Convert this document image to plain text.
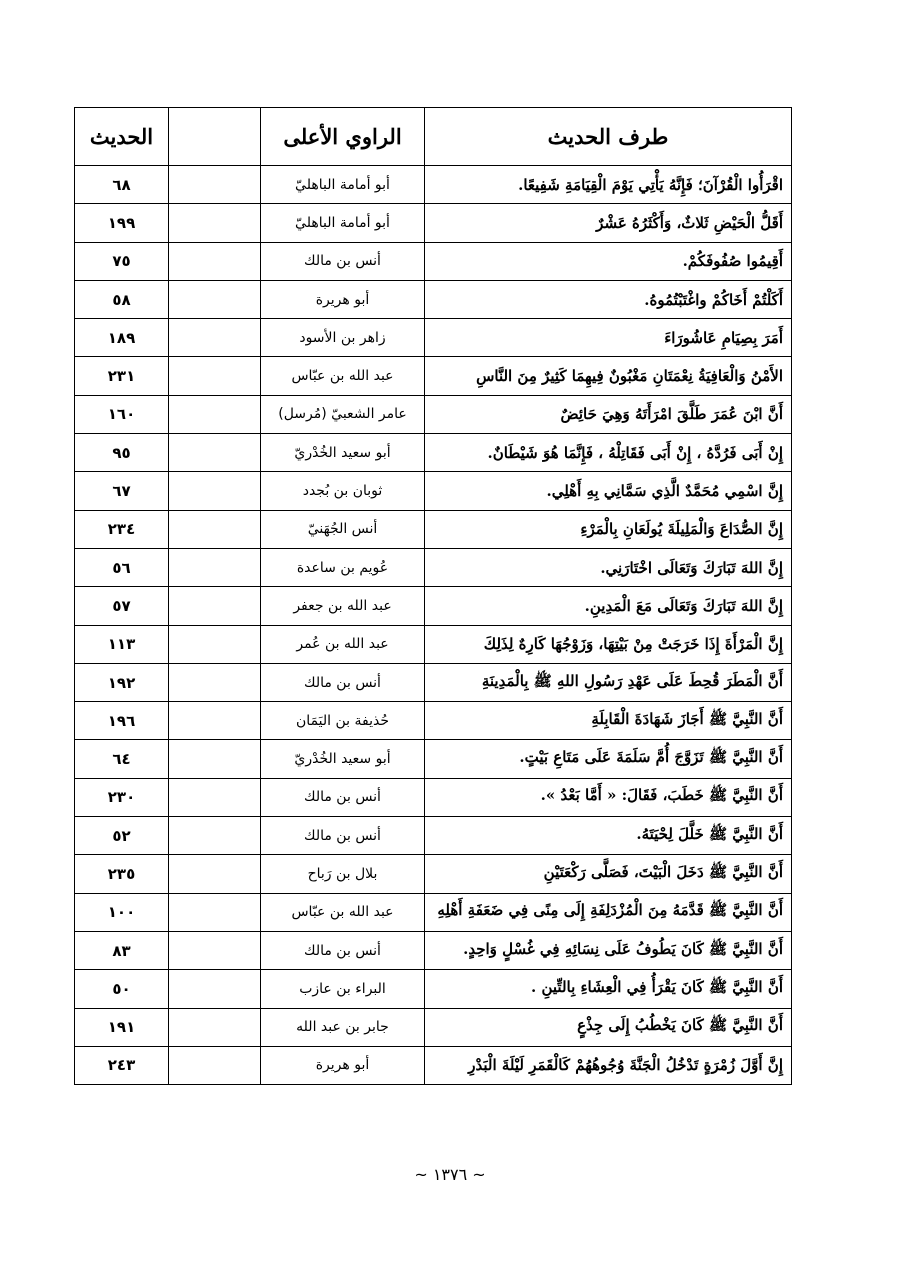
طرف الحديث	الراوي الأعلى		الحديث
اقْرَأُوا الْقُرْآنَ؛ فَإِنَّهُ يَأْتِي يَوْمَ الْقِيَامَةِ شَفِيعًا.	أبو أمامة الباهليّ		٦٨
أَقَلُّ الْحَيْضِ ثَلاثٌ، وَأَكْثَرُهُ عَشْرٌ	أبو أمامة الباهليّ		١٩٩
أَقِيمُوا صُفُوفَكُمْ.	أنس بن مالك		٧٥
أَكَلْتُمْ أَخَاكُمْ واغْتَبْتُمُوهُ.	أبو هريرة		٥٨
أَمَرَ بِصِيَامِ عَاشُورَاءَ	زاهر بن الأسود		١٨٩
الأَمْنُ وَالْعَافِيَةُ نِعْمَتَانِ مَغْبُونٌ فِيهِمَا كَثِيرٌ مِنَ النَّاسِ	عبد الله بن عبّاس		٢٣١
أَنَّ ابْنَ عُمَرَ طَلَّقَ امْرَأَتَهُ وَهِيَ حَائِضٌ	عامر الشعبيّ (مُرسل)		١٦٠
إِنْ أَبَى فَرُدَّهُ ، إِنْ أَبَى فَقَاتِلْهُ ، فَإِنَّمَا هُوَ شَيْطَانٌ.	أبو سعيد الخُدْريّ		٩٥
إِنَّ اسْمِي مُحَمَّدٌ الَّذِي سَمَّانِي بِهِ أَهْلِي.	ثوبان بن بُجدد		٦٧
إِنَّ الصُّدَاعَ وَالْمَلِيلَةَ يُولَعَانِ بِالْمَرْءِ	أنس الجُهَنيّ		٢٣٤
إِنَّ اللهَ تَبَارَكَ وَتَعَالَى اخْتَارَنِي.	عُويم بن ساعدة		٥٦
إِنَّ اللهَ تَبَارَكَ وَتَعَالَى مَعَ الْمَدِينِ.	عبد الله بن جعفر		٥٧
إِنَّ الْمَرْأَةَ إِذَا خَرَجَتْ مِنْ بَيْتِهَا، وَزَوْجُهَا كَارِهٌ لِذَلِكَ	عبد الله بن عُمر		١١٣
أَنَّ الْمَطَرَ قُحِطَ عَلَى عَهْدِ رَسُولِ اللهِ ﷺ بِالْمَدِينَةِ	أنس بن مالك		١٩٢
أَنَّ النَّبِيَّ ﷺ أَجَازَ شَهَادَةَ الْقَابِلَةِ	حُذيفة بن اليَمَان		١٩٦
أَنَّ النَّبِيَّ ﷺ تَزَوَّجَ أُمَّ سَلَمَةَ عَلَى مَتَاعِ بَيْتٍ.	أبو سعيد الخُدْريّ		٦٤
أَنَّ النَّبِيَّ ﷺ خَطَبَ، فَقَالَ: « أَمَّا بَعْدُ ».	أنس بن مالك		٢٣٠
أَنَّ النَّبِيَّ ﷺ خَلَّلَ لِحْيَتَهُ.	أنس بن مالك		٥٢
أَنَّ النَّبِيَّ ﷺ دَخَلَ الْبَيْتَ، فَصَلَّى رَكْعَتَيْنِ	بلال بن رَباح		٢٣٥
أَنَّ النَّبِيَّ ﷺ قَدَّمَهُ مِنَ الْمُزْدَلِفَةِ إِلَى مِنًى فِي ضَعَفَةِ أَهْلِهِ	عبد الله بن عبّاس		١٠٠
أَنَّ النَّبِيَّ ﷺ كَانَ يَطُوفُ عَلَى نِسَائِهِ فِي غُسْلٍ وَاحِدٍ.	أنس بن مالك		٨٣
أَنَّ النَّبِيَّ ﷺ كَانَ يَقْرَأُ فِي الْعِشَاءِ بِالتِّينِ .	البراء بن عازب		٥٠
أَنَّ النَّبِيَّ ﷺ كَانَ يَخْطُبُ إِلَى جِذْعٍ	جابر بن عبد الله		١٩١
إِنَّ أَوَّلَ زُمْرَةٍ تَدْخُلُ الْجَنَّةَ وُجُوهُهُمْ كَالْقَمَرِ لَيْلَةَ الْبَدْرِ	أبو هريرة		٢٤٣
~ ١٣٧٦ ~
